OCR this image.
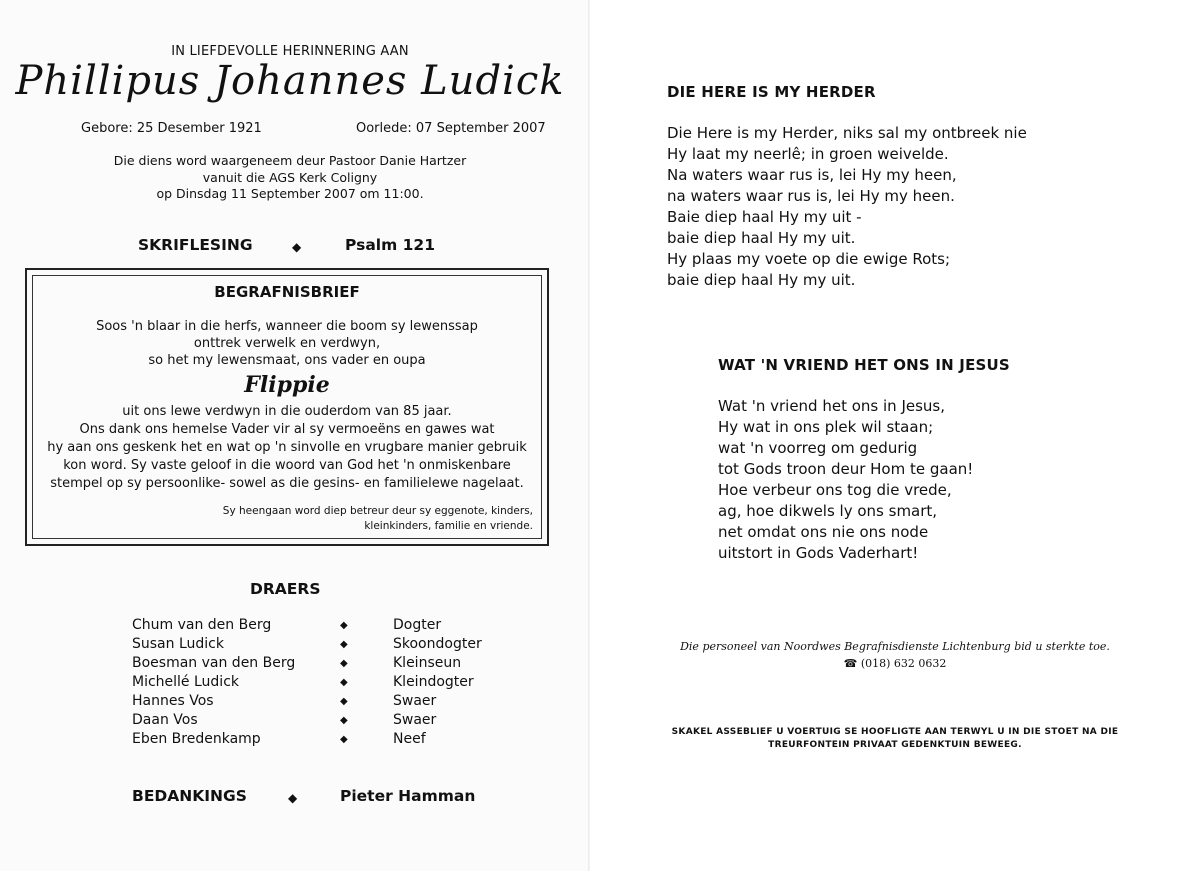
IN LIEFDEVOLLE HERINNERING AAN
Phillipus Johannes Ludick
Gebore: 25 Desember 1921	Oorlede: 07 September 2007
Die diens word waargeneem deur Pastoor Danie Hartzer
vanuit die AGS Kerk Coligny
op Dinsdag 11 September 2007 om 11:00.
SKRIFLESING	◆	Psalm 121
BEGRAFNISBRIEF
Soos 'n blaar in die herfs, wanneer die boom sy lewenssap
onttrek verwelk en verdwyn,
so het my lewensmaat, ons vader en oupa
Flippie
uit ons lewe verdwyn in die ouderdom van 85 jaar.
Ons dank ons hemelse Vader vir al sy vermoeëns en gawes wat
hy aan ons geskenk het en wat op 'n sinvolle en vrugbare manier gebruik
kon word. Sy vaste geloof in die woord van God het 'n onmiskenbare
stempel op sy persoonlike- sowel as die gesins- en familielewe nagelaat.
Sy heengaan word diep betreur deur sy eggenote, kinders,
kleinkinders, familie en vriende.
DRAERS
Chum van den Berg	◆	Dogter
Susan Ludick	◆	Skoondogter
Boesman van den Berg	◆	Kleinseun
Michellé Ludick	◆	Kleindogter
Hannes Vos	◆	Swaer
Daan Vos	◆	Swaer
Eben Bredenkamp	◆	Neef
BEDANKINGS	◆	Pieter Hamman
DIE HERE IS MY HERDER
Die Here is my Herder, niks sal my ontbreek nie
Hy laat my neerlê; in groen weivelde.
Na waters waar rus is, lei Hy my heen,
na waters waar rus is, lei Hy my heen.
Baie diep haal Hy my uit -
baie diep haal Hy my uit.
Hy plaas my voete op die ewige Rots;
baie diep haal Hy my uit.
WAT 'N VRIEND HET ONS IN JESUS
Wat 'n vriend het ons in Jesus,
Hy wat in ons plek wil staan;
wat 'n voorreg om gedurig
tot Gods troon deur Hom te gaan!
Hoe verbeur ons tog die vrede,
ag, hoe dikwels ly ons smart,
net omdat ons nie ons node
uitstort in Gods Vaderhart!
Die personeel van Noordwes Begrafnisdienste Lichtenburg bid u sterkte toe.
☎ (018) 632 0632
SKAKEL ASSEBLIEF U VOERTUIG SE HOOFLIGTE AAN TERWYL U IN DIE STOET NA DIE
TREURFONTEIN PRIVAAT GEDENKTUIN BEWEEG.
